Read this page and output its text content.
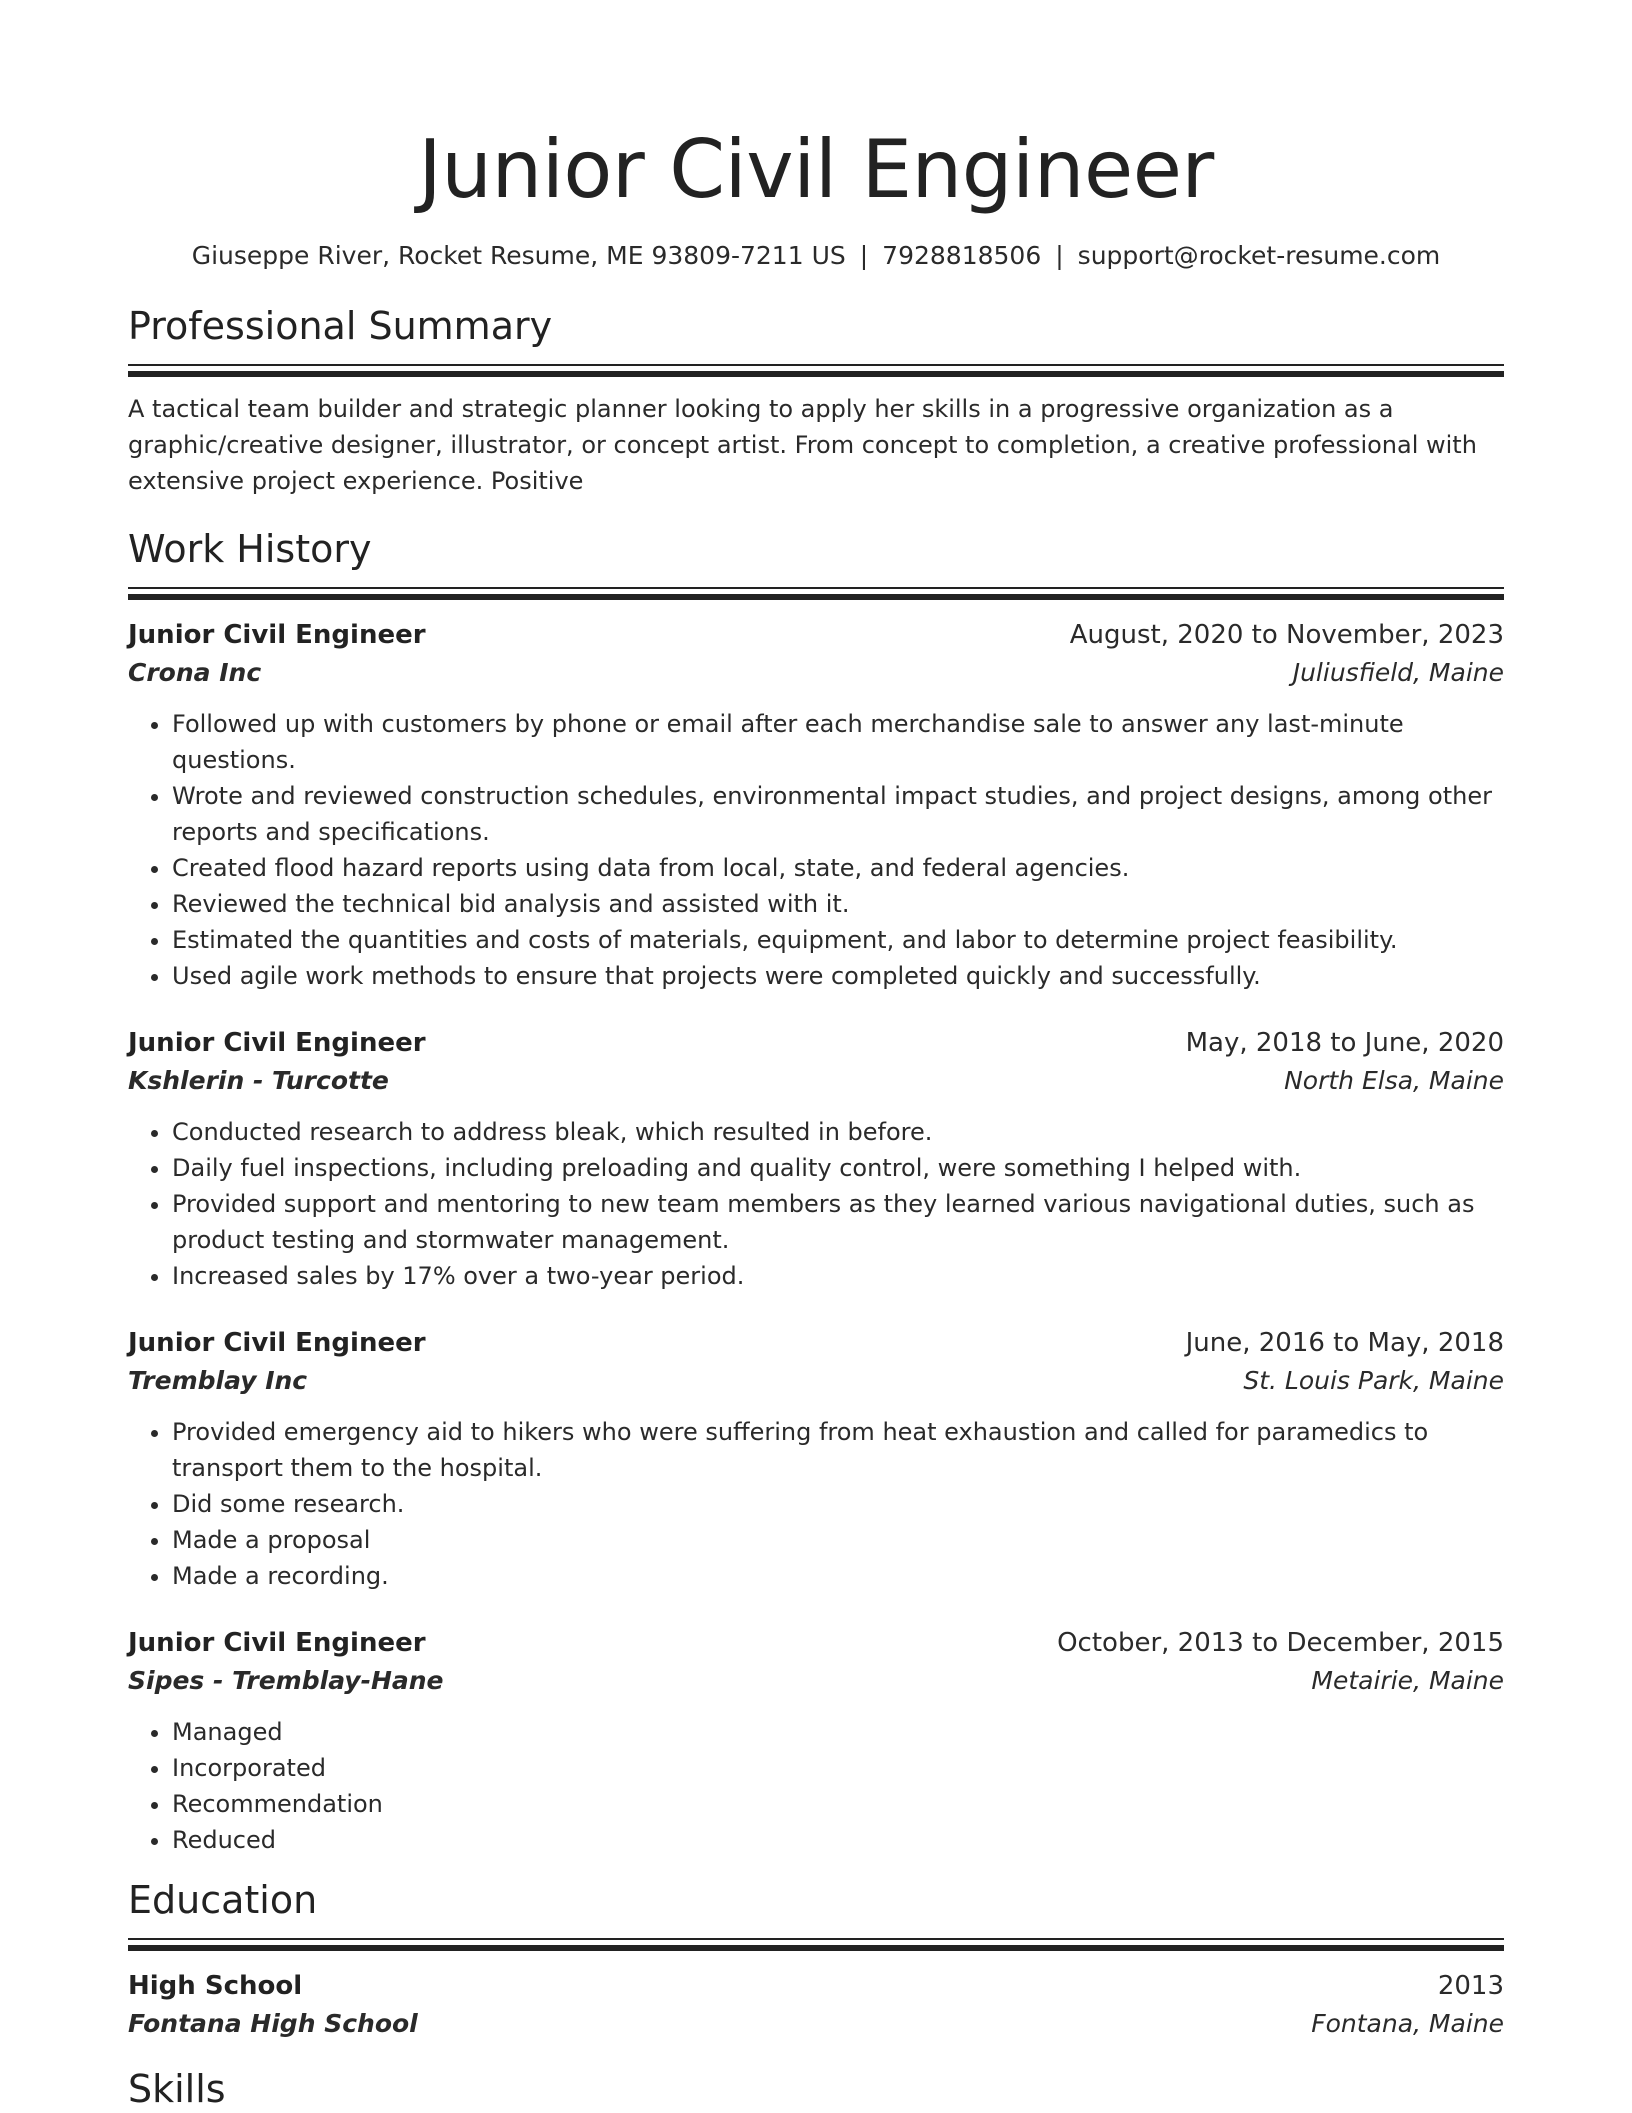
Junior Civil Engineer
Giuseppe River, Rocket Resume, ME 93809-7211 US | 7928818506 | support@rocket-resume.com
Professional Summary
A tactical team builder and strategic planner looking to apply her skills in a progressive organization as a graphic/creative designer, illustrator, or concept artist. From concept to completion, a creative professional with extensive project experience. Positive
Work History
Junior Civil Engineer	August, 2020 to November, 2023
Crona Inc	Juliusfield, Maine
• Followed up with customers by phone or email after each merchandise sale to answer any last-minute questions.
• Wrote and reviewed construction schedules, environmental impact studies, and project designs, among other reports and specifications.
• Created flood hazard reports using data from local, state, and federal agencies.
• Reviewed the technical bid analysis and assisted with it.
• Estimated the quantities and costs of materials, equipment, and labor to determine project feasibility.
• Used agile work methods to ensure that projects were completed quickly and successfully.
Junior Civil Engineer	May, 2018 to June, 2020
Kshlerin - Turcotte	North Elsa, Maine
• Conducted research to address bleak, which resulted in before.
• Daily fuel inspections, including preloading and quality control, were something I helped with.
• Provided support and mentoring to new team members as they learned various navigational duties, such as product testing and stormwater management.
• Increased sales by 17% over a two-year period.
Junior Civil Engineer	June, 2016 to May, 2018
Tremblay Inc	St. Louis Park, Maine
• Provided emergency aid to hikers who were suffering from heat exhaustion and called for paramedics to transport them to the hospital.
• Did some research.
• Made a proposal
• Made a recording.
Junior Civil Engineer	October, 2013 to December, 2015
Sipes - Tremblay-Hane	Metairie, Maine
• Managed
• Incorporated
• Recommendation
• Reduced
Education
High School	2013
Fontana High School	Fontana, Maine
Skills
